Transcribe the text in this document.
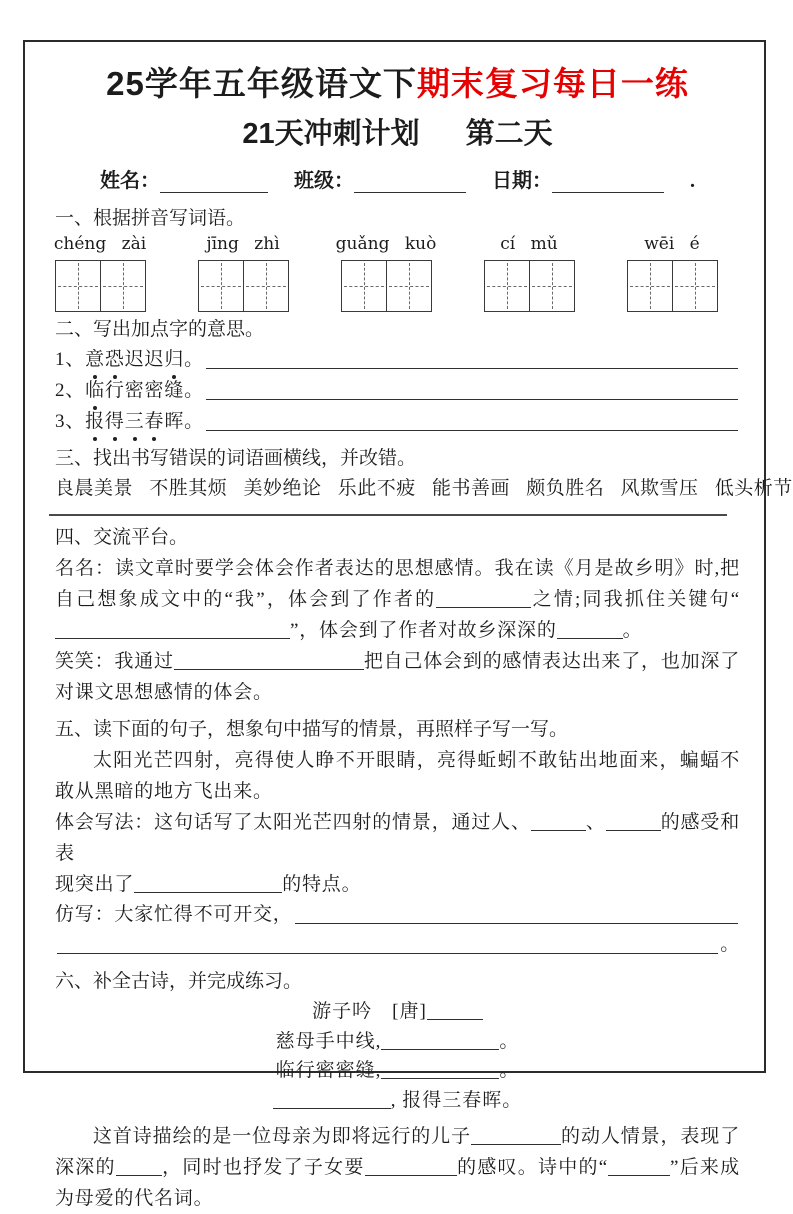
25学年五年级语文下期末复习每日一练
21天冲刺计划 第二天
姓名：	班级：	日期：	.
一、根据拼音写词语。
chéng zài	jīng zhì	guǎng kuò	cí mǔ	wēi é
二、写出加点字的意思。
1、 意恐迟迟归。
2、 临行密密缝。
3、 报得三春晖。
三、找出书写错误的词语画横线，并改错。
良晨美景 不胜其烦 美妙绝论 乐此不疲 能书善画 颇负胜名 风欺雪压 低头析节
四、交流平台。
名名：读文章时要学会体会作者表达的思想感情。我在读《月是故乡明》时,把自己想象成文中的“我”，体会到了作者的	之情;同我抓住关键句“”，体会到了作者对故乡深深的	。
笑笑：我通过	把自己体会到的感情表达出来了，也加深了对课文思想感情的体会。
五、读下面的句子，想象句中描写的情景，再照样子写一写。
太阳光芒四射，亮得使人睁不开眼睛，亮得蚯蚓不敢钻出地面来，蝙蝠不敢从黑暗的地方飞出来。
体会写法：这句话写了太阳光芒四射的情景，通过人、	、	的感受和表
现突出了	的特点。
仿写：大家忙得不可开交，
。
六、补全古诗，并完成练习。
游子吟　[唐]
慈母手中线,	。
临行密密缝,	。
, 报得三春晖。
这首诗描绘的是一位母亲为即将远行的儿子	的动人情景，表现了深深的 ，同时也抒发了子女要	的感叹。诗中的“	”后来成为母爱的代名词。
